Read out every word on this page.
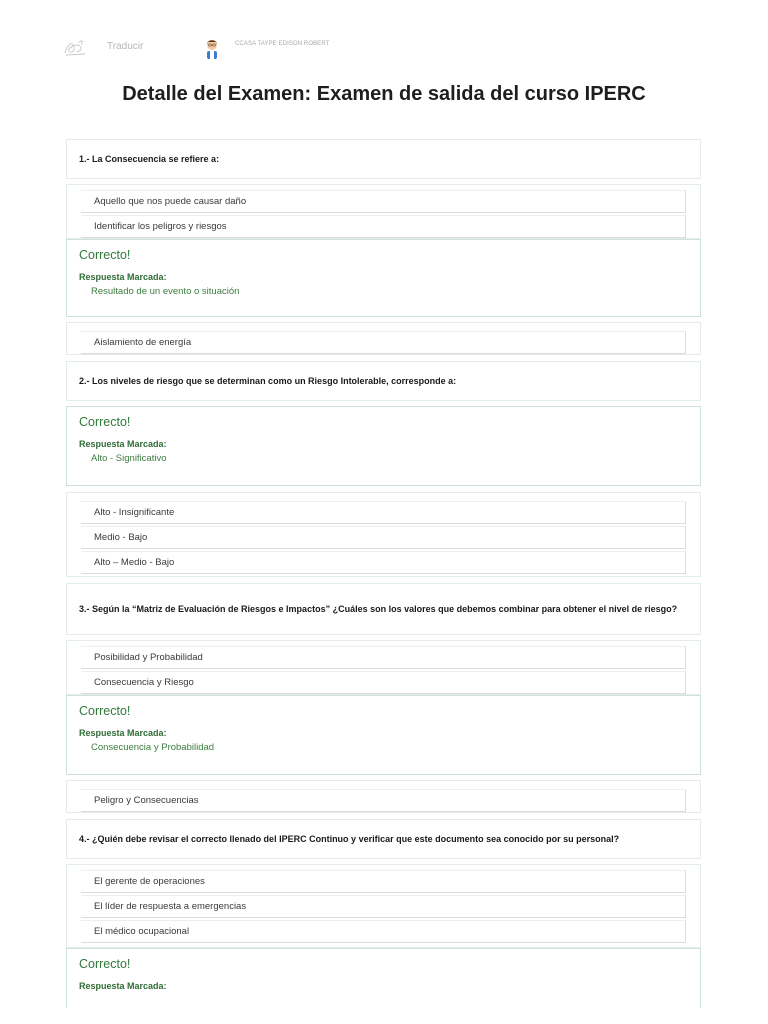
Traducir	CCASA TAYPE EDISON ROBERT
Detalle del Examen: Examen de salida del curso IPERC
1.- La Consecuencia se refiere a:
Aquello que nos puede causar daño
Identificar los peligros y riesgos
Correcto!
Respuesta Marcada:
Resultado de un evento o situación
Aislamiento de energía
2.- Los niveles de riesgo que se determinan como un Riesgo Intolerable, corresponde a:
Correcto!
Respuesta Marcada:
Alto - Significativo
Alto - Insignificante
Medio - Bajo
Alto – Medio - Bajo
3.- Según la “Matriz de Evaluación de Riesgos e Impactos” ¿Cuáles son los valores que debemos combinar para obtener el nivel de riesgo?
Posibilidad y Probabilidad
Consecuencia y Riesgo
Correcto!
Respuesta Marcada:
Consecuencia y Probabilidad
Peligro y Consecuencias
4.- ¿Quién debe revisar el correcto llenado del IPERC Continuo y verificar que este documento sea conocido por su personal?
El gerente de operaciones
El líder de respuesta a emergencias
El médico ocupacional
Correcto!
Respuesta Marcada:
